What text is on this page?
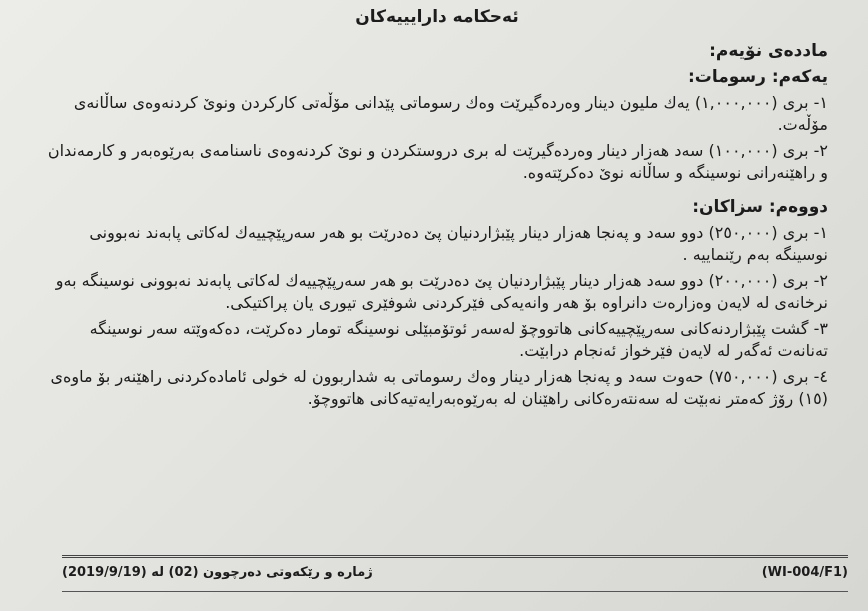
ئەحکامە دارایییەکان
ماددەی نۆیەم:
یەکەم: رسومات:
١- بری (١,٠٠٠,٠٠٠) یەك ملیون دینار وەردەگیرێت وەك رسوماتی پێدانی مۆڵەتی کارکردن ونوێ کردنەوەی ساڵانەی مۆڵەت.
٢- بری (١٠٠,٠٠٠) سەد هەزار دینار وەردەگیرێت لە بری دروستکردن و نوێ کردنەوەی ناسنامەی بەرێوەبەر و کارمەندان و راهێنەرانی نوسینگە و ساڵانە نوێ دەکرێتەوە.
دووەم: سزاکان:
١- بری (٢٥٠,٠٠٠) دوو سەد و پەنجا هەزار دینار پێبژاردنیان پێ دەدرێت بو هەر سەرپێچییەك لەکاتی پابەند نەبوونی نوسینگە بەم رێنماییە .
٢- بری (٢٠٠,٠٠٠) دوو سەد هەزار دینار پێبژاردنیان پێ دەدرێت بو هەر سەرپێچییەك لەکاتی پابەند نەبوونی نوسینگە بەو نرخانەی لە لایەن وەزارەت دانراوە بۆ هەر وانەیەکی فێرکردنی شوفێری تیوری یان پراکتیکی.
٣- گشت پێبژاردنەکانی سەرپێچییەکانی هاتووچۆ لەسەر ئوتۆمبێلی نوسینگە تومار دەکرێت، دەکەوێتە سەر نوسینگە تەنانەت ئەگەر لە لایەن فێرخواز ئەنجام درابێت.
٤- بری (٧٥٠,٠٠٠) حەوت سەد و پەنجا هەزار دینار وەك رسوماتی بە شداربوون لە خولی ئامادەکردنی راهێنەر بۆ ماوەی (١٥) رۆژ کەمتر نەبێت لە سەنتەرەکانی راهێنان لە بەرێوەبەرایەتیەکانی هاتووچۆ.
ژمارە و رێکەوتی دەرچوون (02) لە (2019/9/19)	(WI-004/F1)
